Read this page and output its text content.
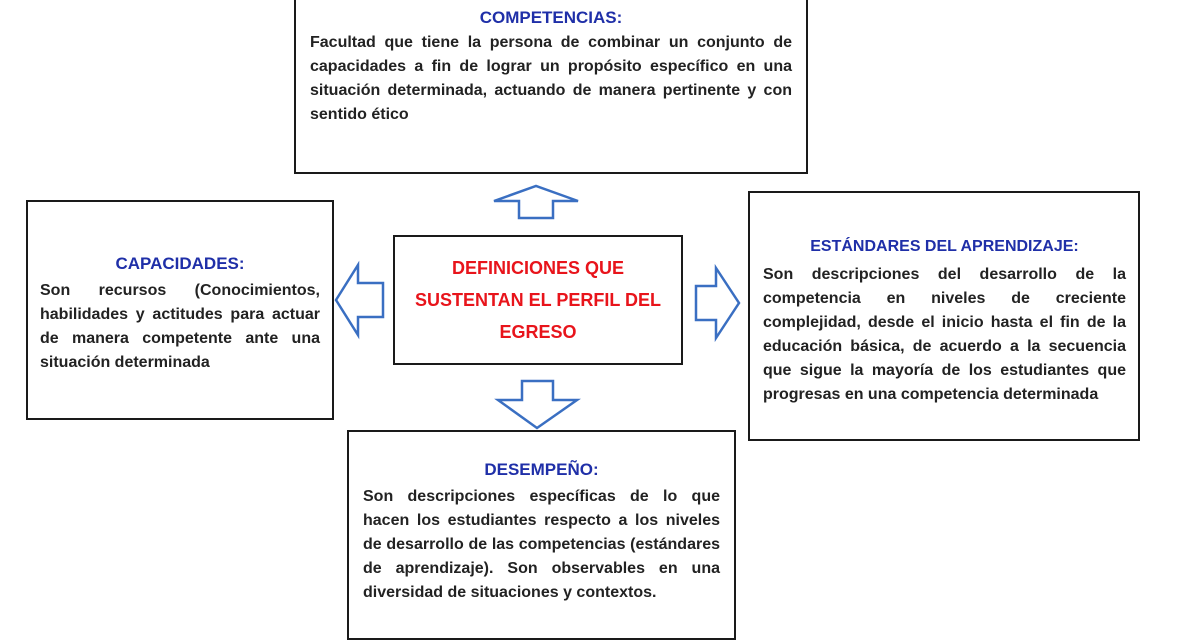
COMPETENCIAS:
Facultad que tiene la persona de combinar un conjunto de capacidades a fin de lograr un propósito específico en una situación determinada, actuando de manera pertinente y con sentido ético
CAPACIDADES:
Son recursos (Conocimientos, habilidades y actitudes para actuar de manera competente ante una situación determinada
DEFINICIONES QUE SUSTENTAN EL PERFIL DEL EGRESO
ESTÁNDARES DEL APRENDIZAJE:
Son descripciones del desarrollo de la competencia en niveles de creciente complejidad, desde el inicio hasta el fin de la educación básica, de acuerdo a la secuencia que sigue la mayoría de los estudiantes que progresas en una competencia determinada
DESEMPEÑO:
Son descripciones específicas de lo que hacen los estudiantes respecto a los niveles de desarrollo de las competencias (estándares de aprendizaje). Son observables en una diversidad de situaciones y contextos.
